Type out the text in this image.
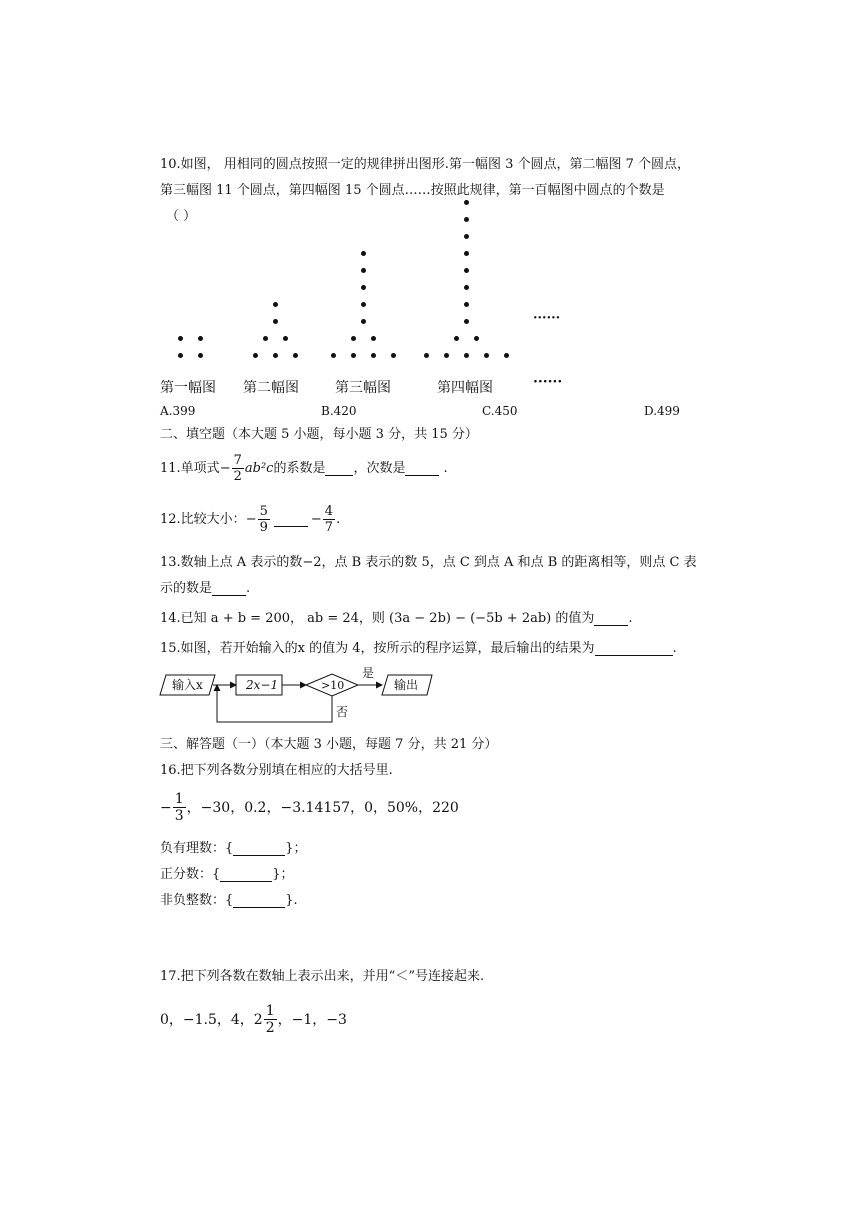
10.如图， 用相同的圆点按照一定的规律拼出图形.第一幅图 3 个圆点，第二幅图 7 个圆点，
第三幅图 11 个圆点，第四幅图 15 个圆点……按照此规律，第一百幅图中圆点的个数是
（ ）
······
第一幅图 第二幅图	第三幅图	第四幅图	······
A.399	B.420	C.450	D.499
二、填空题（本大题 5 小题，每小题 3 分，共 15 分）
11.单项式 − $\frac{7}{2} ab^2c$ 的系数是
，次数是
	.
12.比较大小： − $\frac{5}{9}$
	− $\frac{4}{7}$ .
13.数轴上点 A 表示的数−2，点 B 表示的数 5，点 C 到点 A 和点 B 的距离相等，则点 C 表
示的数是	.
14.已知 a + b = 200， ab = 24，则 (3a − 2b) − (−5b + 2ab) 的值为	.
15.如图，若开始输入的x 的值为 4，按所示的程序运算，最后输出的结果为	.
输入x	2x−1	>10
是
输出
否
三、解答题（一）（本大题 3 小题，每题 7 分，共 21 分）
16.把下列各数分别填在相应的大括号里.
− $\frac{1}{3}$ ，−30，0.2̇，−3.14157，0，50%，220
负有理数：{	}；
正分数：{	}；
非负整数：{	}.
17.把下列各数在数轴上表示出来，并用“＜”号连接起来.
0，−1.5，4，$2 \frac{1}{2}$ ，−1，−3
